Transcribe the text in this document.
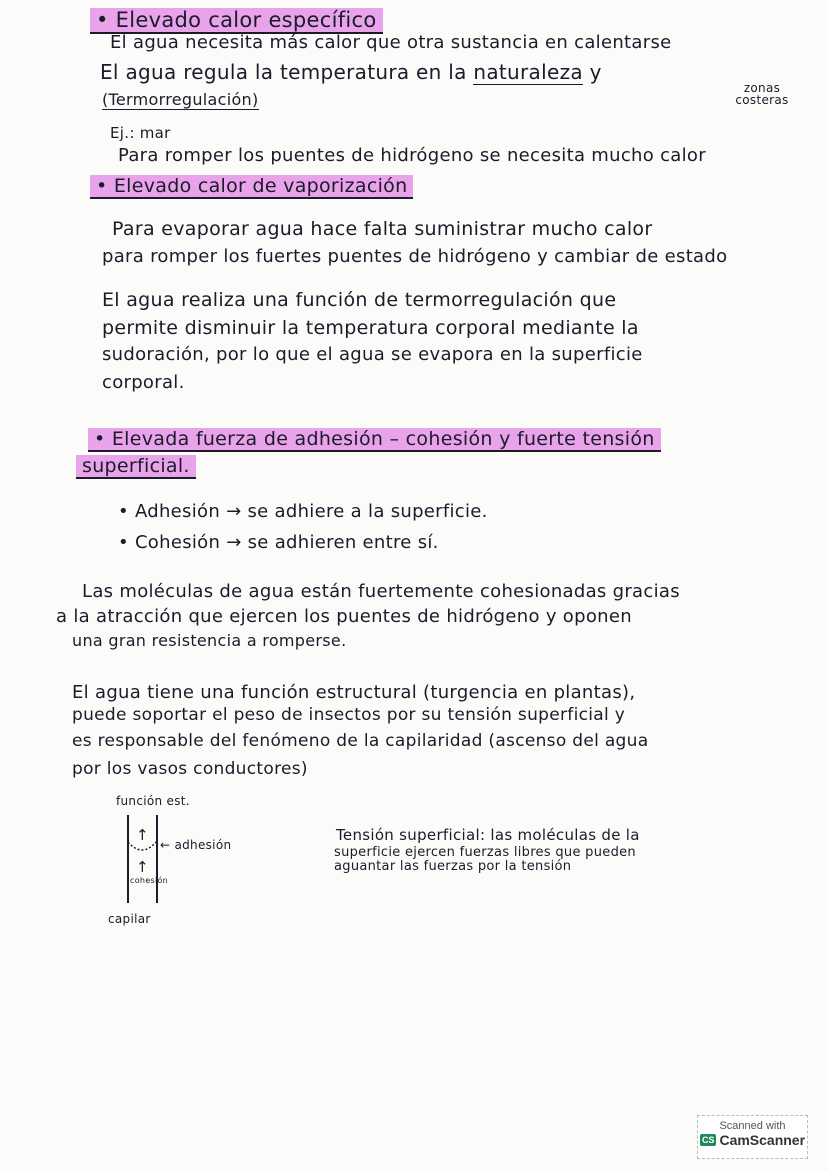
• Elevado calor específico
El agua necesita más calor que otra sustancia en calentarse
El agua regula la temperatura en la naturaleza y
zonas costeras
(Termorregulación)
Ej.: mar
Para romper los puentes de hidrógeno se necesita mucho calor
• Elevado calor de vaporización
Para evaporar agua hace falta suministrar mucho calor
para romper los fuertes puentes de hidrógeno y cambiar de estado
El agua realiza una función de termorregulación que
permite disminuir la temperatura corporal mediante la
sudoración, por lo que el agua se evapora en la superficie
corporal.
• Elevada fuerza de adhesión – cohesión y fuerte tensión
superficial.
• Adhesión → se adhiere a la superficie.
• Cohesión → se adhieren entre sí.
Las moléculas de agua están fuertemente cohesionadas gracias
a la atracción que ejercen los puentes de hidrógeno y oponen
una gran resistencia a romperse.
El agua tiene una función estructural (turgencia en plantas),
puede soportar el peso de insectos por su tensión superficial y
es responsable del fenómeno de la capilaridad (ascenso del agua
por los vasos conductores)
función est.
↑
← adhesión
↑
cohesión
capilar
Tensión superficial: las moléculas de la
superficie ejercen fuerzas libres que pueden
aguantar las fuerzas por la tensión
Scanned with
CS CamScanner
